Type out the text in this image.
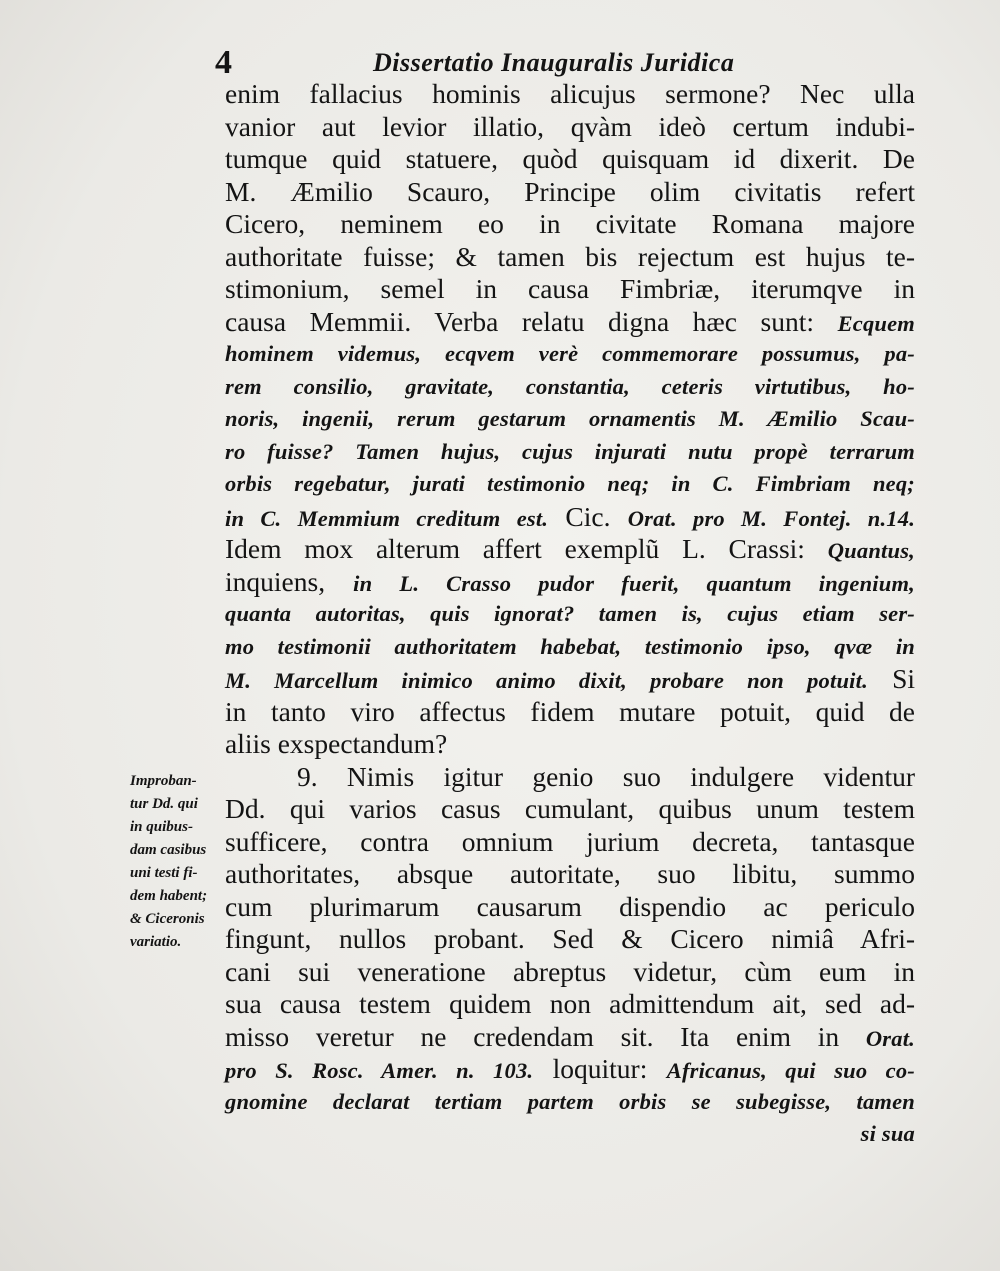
4	Dissertatio Inauguralis Juridica
Improban-
tur Dd. qui
in quibus-
dam casibus
uni testi fi-
dem habent;
& Ciceronis
variatio.
enim fallacius hominis alicujus sermone? Nec ulla
vanior aut levior illatio, qvàm ideò certum indubi-
tumque quid statuere, quòd quisquam id dixerit. De
M. Æmilio Scauro, Principe olim civitatis refert
Cicero, neminem eo in civitate Romana majore
authoritate fuisse; & tamen bis rejectum est hujus te-
stimonium, semel in causa Fimbriæ, iterumqve in
causa Memmii. Verba relatu digna hæc sunt: Ecquem
hominem videmus, ecqvem verè commemorare possumus, pa-
rem consilio, gravitate, constantia, ceteris virtutibus, ho-
noris, ingenii, rerum gestarum ornamentis M. Æmilio Scau-
ro fuisse? Tamen hujus, cujus injurati nutu propè terrarum
orbis regebatur, jurati testimonio neq; in C. Fimbriam neq;
in C. Memmium creditum est. Cic. Orat. pro M. Fontej. n.14.
Idem mox alterum affert exemplũ L. Crassi: Quantus,
inquiens, in L. Crasso pudor fuerit, quantum ingenium,
quanta autoritas, quis ignorat? tamen is, cujus etiam ser-
mo testimonii authoritatem habebat, testimonio ipso, qvæ in
M. Marcellum inimico animo dixit, probare non potuit. Si
in tanto viro affectus fidem mutare potuit, quid de
aliis exspectandum?
9. Nimis igitur genio suo indulgere videntur
Dd. qui varios casus cumulant, quibus unum testem
sufficere, contra omnium jurium decreta, tantasque
authoritates, absque autoritate, suo libitu, summo
cum plurimarum causarum dispendio ac periculo
fingunt, nullos probant. Sed & Cicero nimiâ Afri-
cani sui veneratione abreptus videtur, cùm eum in
sua causa testem quidem non admittendum ait, sed ad-
misso veretur ne credendam sit. Ita enim in Orat.
pro S. Rosc. Amer. n. 103. loquitur: Africanus, qui suo co-
gnomine declarat tertiam partem orbis se subegisse, tamen
si sua
